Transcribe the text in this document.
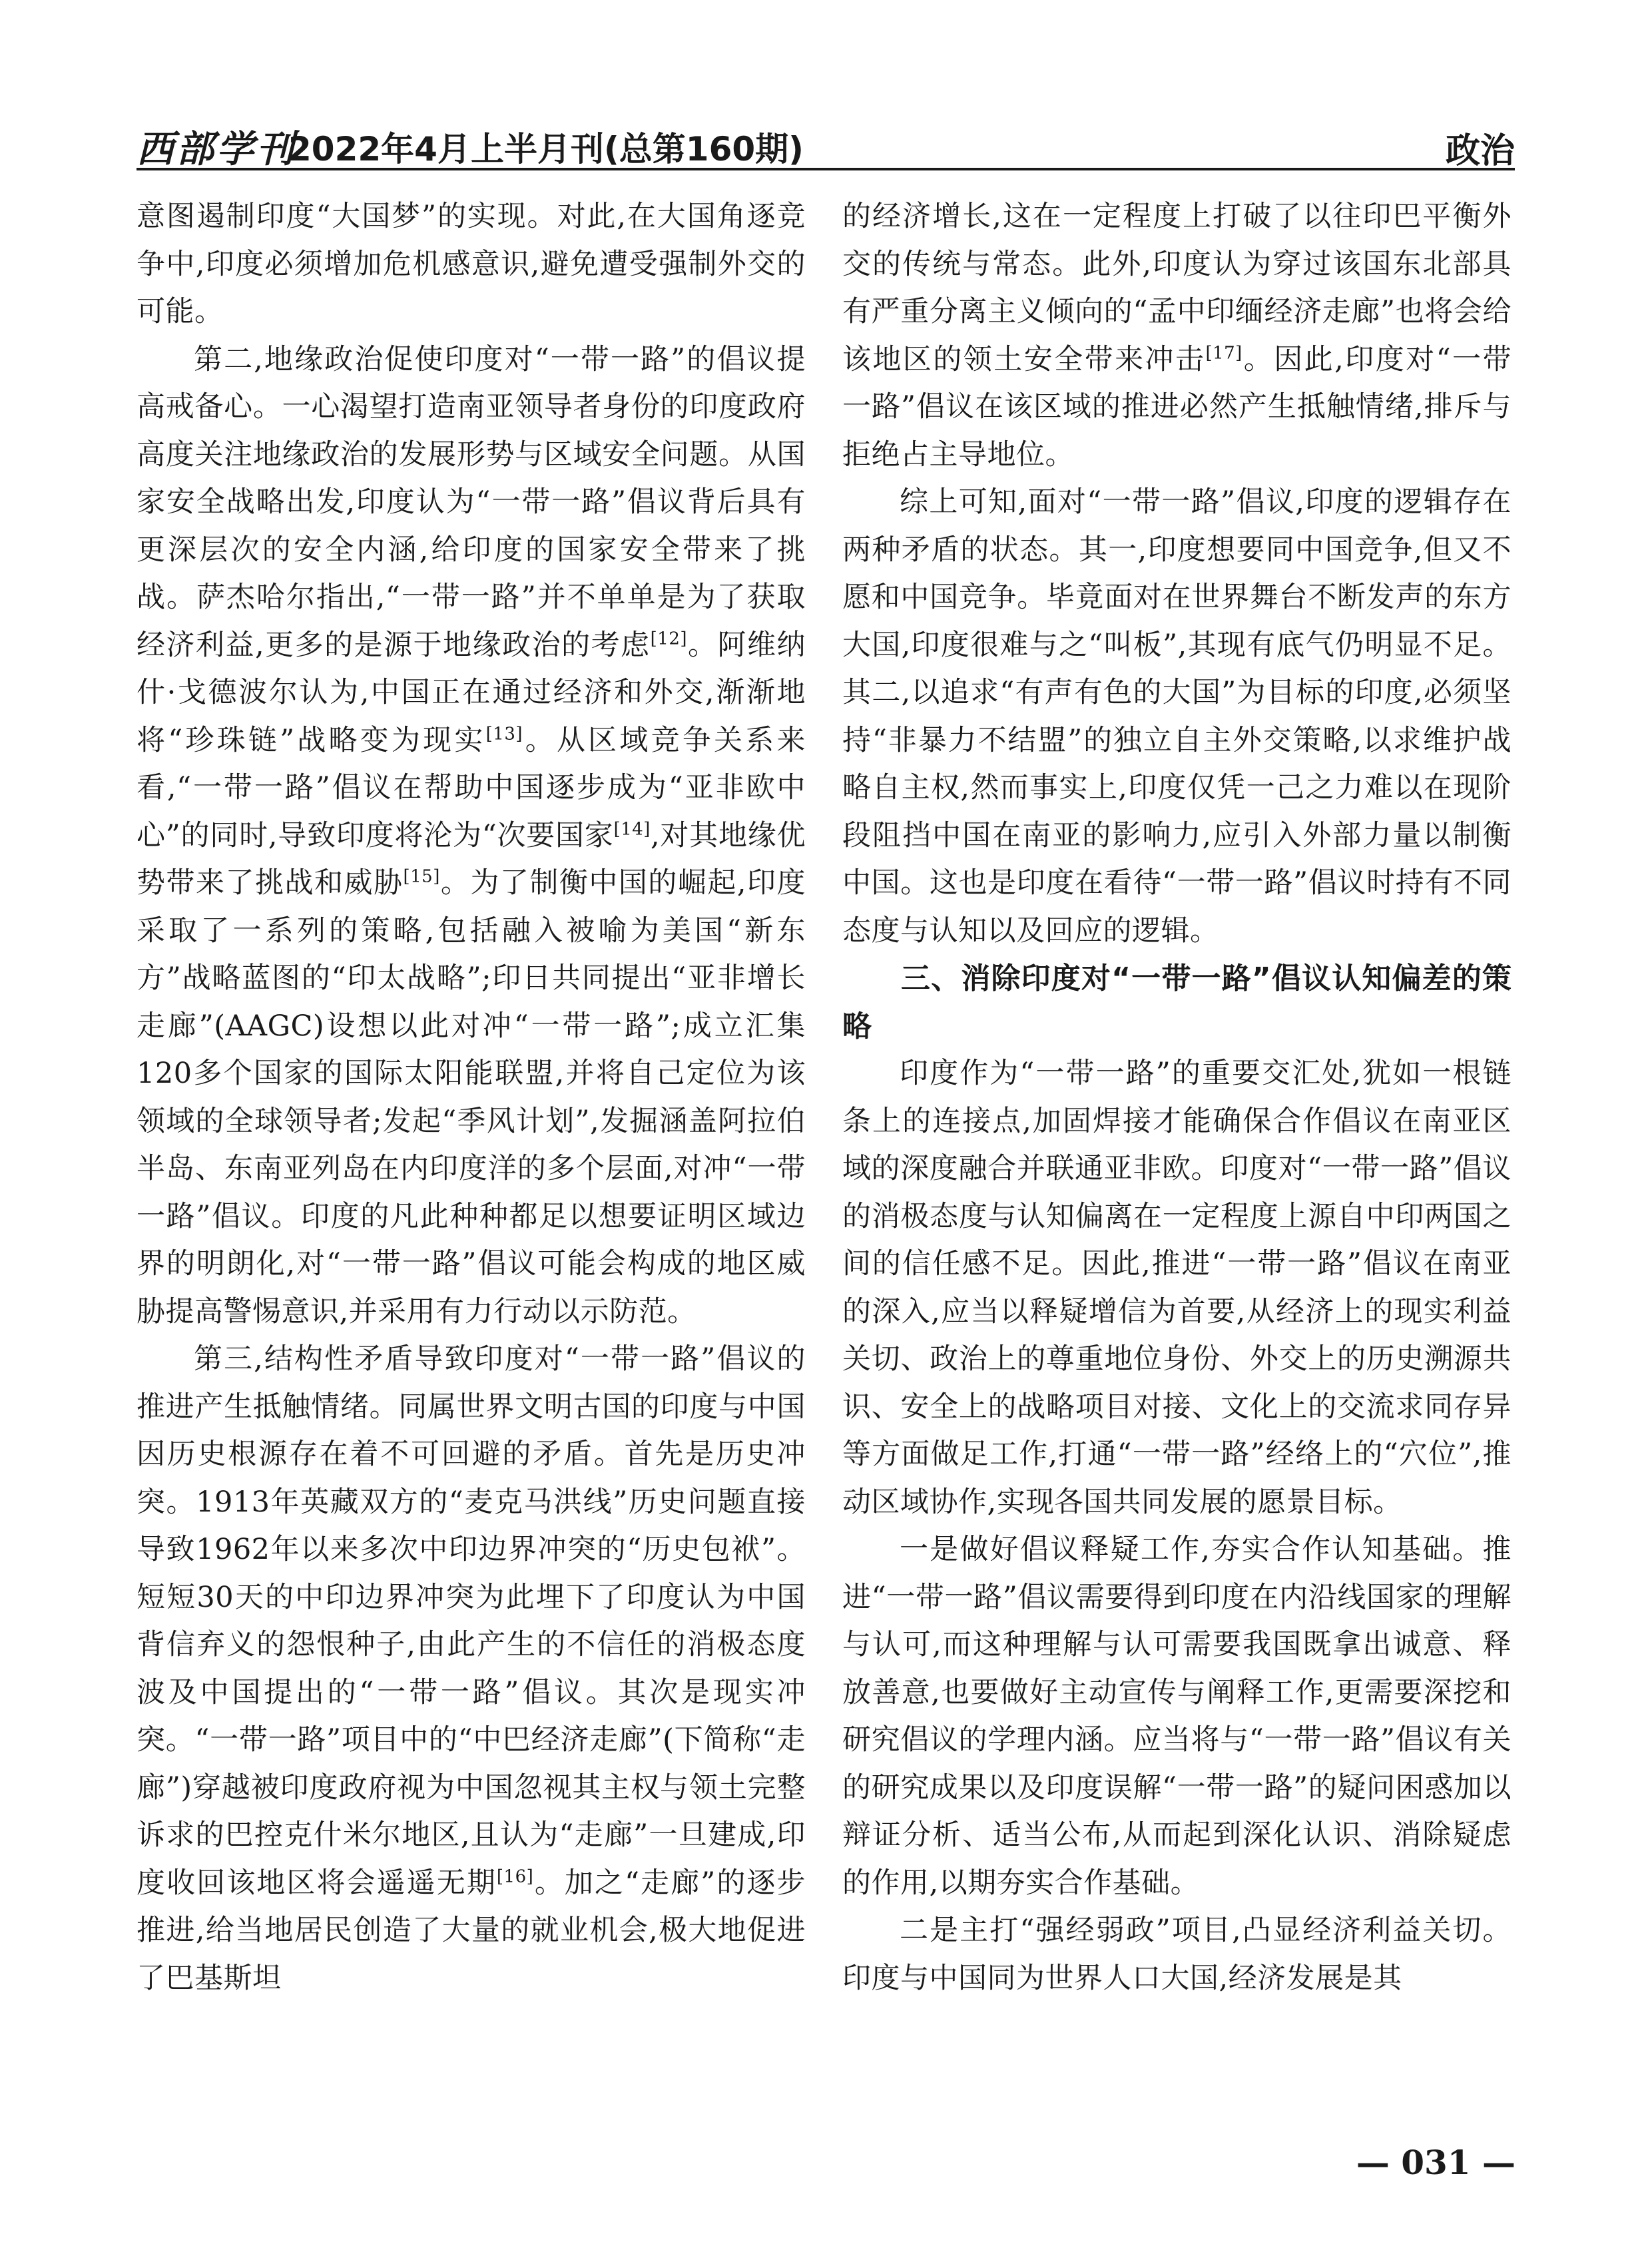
西部学刊
2022年4月上半月刊(总第160期)	政治

意图遏制印度“大国梦”的实现。对此,在大国角逐竞争中,印度必须增加危机感意识,避免遭受强制外交的可能。

第二,地缘政治促使印度对“一带一路”的倡议提高戒备心。一心渴望打造南亚领导者身份的印度政府高度关注地缘政治的发展形势与区域安全问题。从国家安全战略出发,印度认为“一带一路”倡议背后具有更深层次的安全内涵,给印度的国家安全带来了挑战。萨杰哈尔指出,“一带一路”并不单单是为了获取经济利益,更多的是源于地缘政治的考虑[12]。阿维纳什·戈德波尔认为,中国正在通过经济和外交,渐渐地将“珍珠链”战略变为现实[13]。从区域竞争关系来看,“一带一路”倡议在帮助中国逐步成为“亚非欧中心”的同时,导致印度将沦为“次要国家[14],对其地缘优势带来了挑战和威胁[15]。为了制衡中国的崛起,印度采取了一系列的策略,包括融入被喻为美国“新东方”战略蓝图的“印太战略”;印日共同提出“亚非增长走廊”(AAGC)设想以此对冲“一带一路”;成立汇集120多个国家的国际太阳能联盟,并将自己定位为该领域的全球领导者;发起“季风计划”,发掘涵盖阿拉伯半岛、东南亚列岛在内印度洋的多个层面,对冲“一带一路”倡议。印度的凡此种种都足以想要证明区域边界的明朗化,对“一带一路”倡议可能会构成的地区威胁提高警惕意识,并采用有力行动以示防范。

第三,结构性矛盾导致印度对“一带一路”倡议的推进产生抵触情绪。同属世界文明古国的印度与中国因历史根源存在着不可回避的矛盾。首先是历史冲突。1913年英藏双方的“麦克马洪线”历史问题直接导致1962年以来多次中印边界冲突的“历史包袱”。短短30天的中印边界冲突为此埋下了印度认为中国背信弃义的怨恨种子,由此产生的不信任的消极态度波及中国提出的“一带一路”倡议。其次是现实冲突。“一带一路”项目中的“中巴经济走廊”(下简称“走廊”)穿越被印度政府视为中国忽视其主权与领土完整诉求的巴控克什米尔地区,且认为“走廊”一旦建成,印度收回该地区将会遥遥无期[16]。加之“走廊”的逐步推进,给当地居民创造了大量的就业机会,极大地促进了巴基斯坦

的经济增长,这在一定程度上打破了以往印巴平衡外交的传统与常态。此外,印度认为穿过该国东北部具有严重分离主义倾向的“孟中印缅经济走廊”也将会给该地区的领土安全带来冲击[17]。因此,印度对“一带一路”倡议在该区域的推进必然产生抵触情绪,排斥与拒绝占主导地位。

综上可知,面对“一带一路”倡议,印度的逻辑存在两种矛盾的状态。其一,印度想要同中国竞争,但又不愿和中国竞争。毕竟面对在世界舞台不断发声的东方大国,印度很难与之“叫板”,其现有底气仍明显不足。其二,以追求“有声有色的大国”为目标的印度,必须坚持“非暴力不结盟”的独立自主外交策略,以求维护战略自主权,然而事实上,印度仅凭一己之力难以在现阶段阻挡中国在南亚的影响力,应引入外部力量以制衡中国。这也是印度在看待“一带一路”倡议时持有不同态度与认知以及回应的逻辑。

三、消除印度对“一带一路”倡议认知偏差的策略

印度作为“一带一路”的重要交汇处,犹如一根链条上的连接点,加固焊接才能确保合作倡议在南亚区域的深度融合并联通亚非欧。印度对“一带一路”倡议的消极态度与认知偏离在一定程度上源自中印两国之间的信任感不足。因此,推进“一带一路”倡议在南亚的深入,应当以释疑增信为首要,从经济上的现实利益关切、政治上的尊重地位身份、外交上的历史溯源共识、安全上的战略项目对接、文化上的交流求同存异等方面做足工作,打通“一带一路”经络上的“穴位”,推动区域协作,实现各国共同发展的愿景目标。

一是做好倡议释疑工作,夯实合作认知基础。推进“一带一路”倡议需要得到印度在内沿线国家的理解与认可,而这种理解与认可需要我国既拿出诚意、释放善意,也要做好主动宣传与阐释工作,更需要深挖和研究倡议的学理内涵。应当将与“一带一路”倡议有关的研究成果以及印度误解“一带一路”的疑问困惑加以辩证分析、适当公布,从而起到深化认识、消除疑虑的作用,以期夯实合作基础。

二是主打“强经弱政”项目,凸显经济利益关切。印度与中国同为世界人口大国,经济发展是其

— 031 —
